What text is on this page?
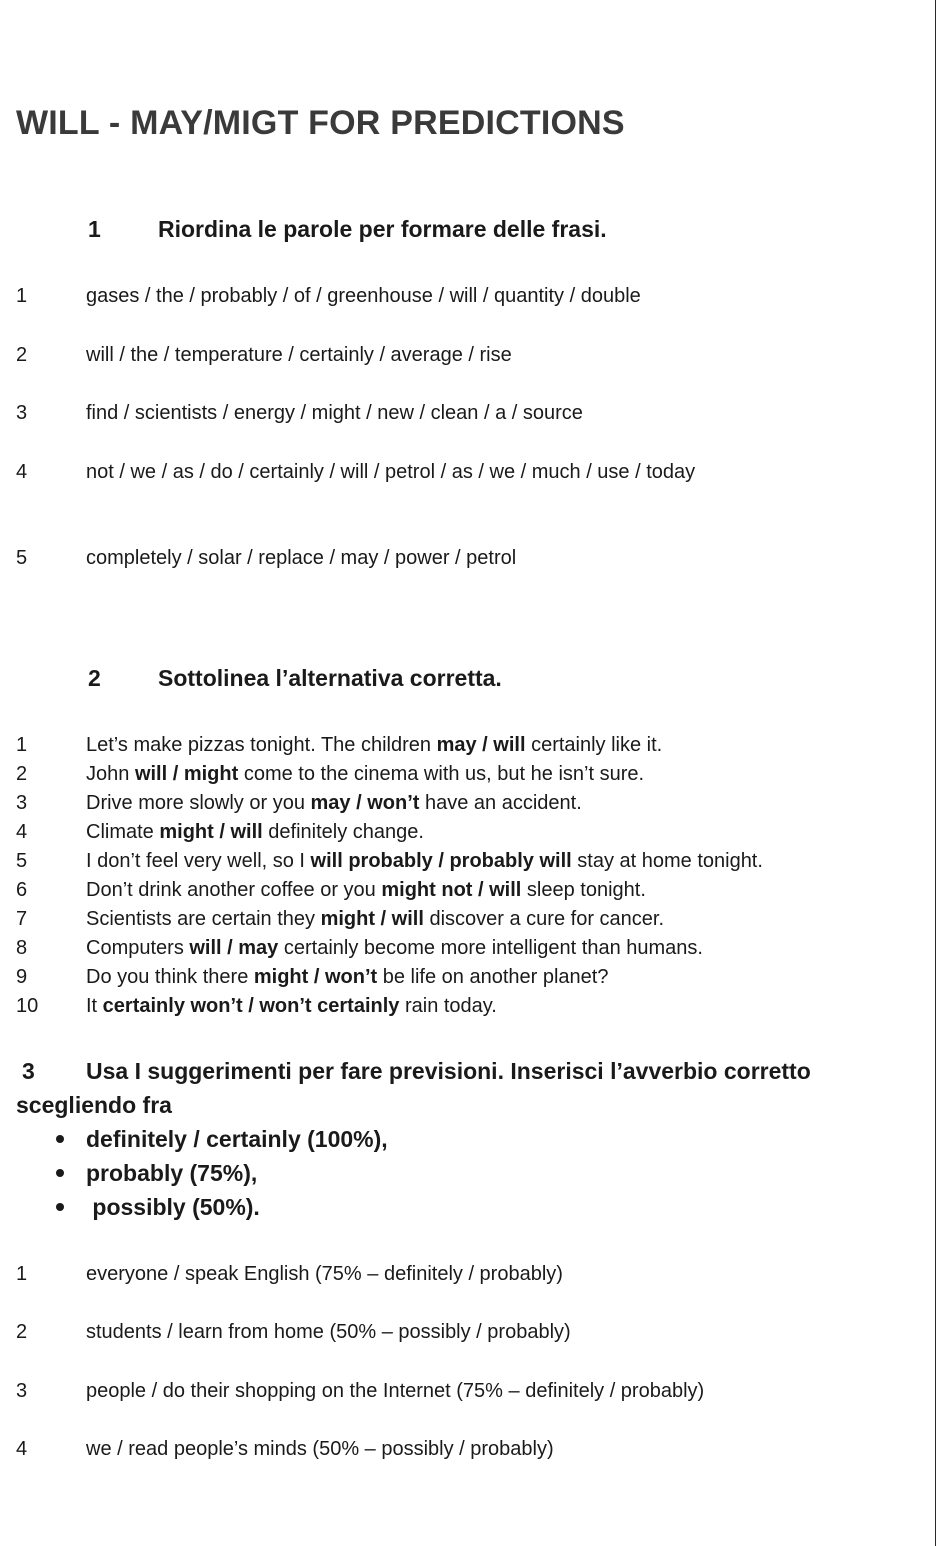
WILL - MAY/MIGT FOR PREDICTIONS
1 Riordina le parole per formare delle frasi.
1	gases / the / probably / of / greenhouse / will / quantity / double
2	will / the / temperature / certainly / average / rise
3	find / scientists / energy / might / new / clean / a / source
4	not / we / as / do / certainly / will / petrol / as / we / much / use / today
5	completely / solar / replace / may / power / petrol
2 Sottolinea l’alternativa corretta.
1	Let’s make pizzas tonight. The children may / will certainly like it.
2	John will / might come to the cinema with us, but he isn’t sure.
3	Drive more slowly or you may / won’t have an accident.
4	Climate might / will definitely change.
5	I don’t feel very well, so I will probably / probably will stay at home tonight.
6	Don’t drink another coffee or you might not / will sleep tonight.
7	Scientists are certain they might / will discover a cure for cancer.
8	Computers will / may certainly become more intelligent than humans.
9	Do you think there might / won’t be life on another planet?
10 It certainly won’t / won’t certainly rain today.
3 Usa I suggerimenti per fare previsioni. Inserisci l’avverbio corretto scegliendo fra
definitely / certainly (100%),
probably (75%),
possibly (50%).
1	everyone / speak English (75% – definitely / probably)
2	students / learn from home (50% – possibly / probably)
3	people / do their shopping on the Internet (75% – definitely / probably)
4	we / read people’s minds (50% – possibly / probably)
